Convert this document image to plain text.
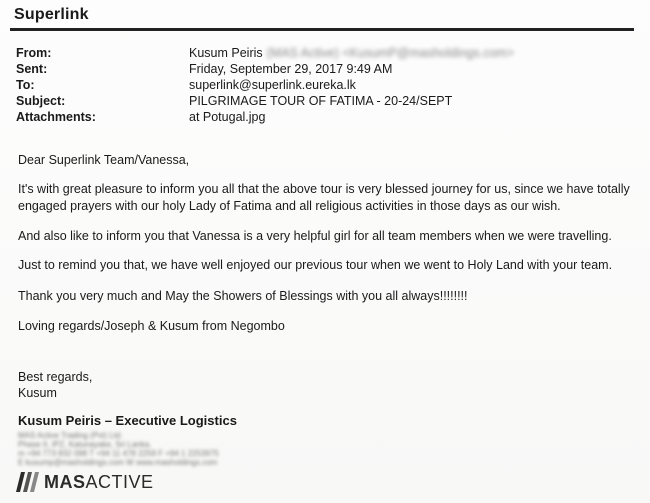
Superlink
From:	Kusum Peiris (MAS Active) <KusumP@masholdings.com>
Sent:	Friday, September 29, 2017 9:49 AM
To:	superlink@superlink.eureka.lk
Subject:	PILGRIMAGE TOUR OF FATIMA - 20-24/SEPT
Attachments:	at Potugal.jpg
Dear Superlink Team/Vanessa,
It's with great pleasure to inform you all that the above tour is very blessed journey for us, since we have totally
engaged prayers with our holy Lady of Fatima and all religious activities in those days as our wish.
And also like to inform you that Vanessa is a very helpful girl for all team members when we were travelling.
Just to remind you that, we have well enjoyed our previous tour when we went to Holy Land with your team.
Thank you very much and May the Showers of Blessings with you all always!!!!!!!!
Loving regards/Joseph & Kusum from Negombo
Best regards,
Kusum
Kusum Peiris – Executive Logistics
MAS Active Trading (Pvt) Ltd.
Phase II, IPZ, Katunayake, Sri Lanka.
m +94 773 832 098 T +94 11 478 2259 F +94 1 2253975
E kusump@masholdings.com W www.masholdings.com
MASACTIVE
